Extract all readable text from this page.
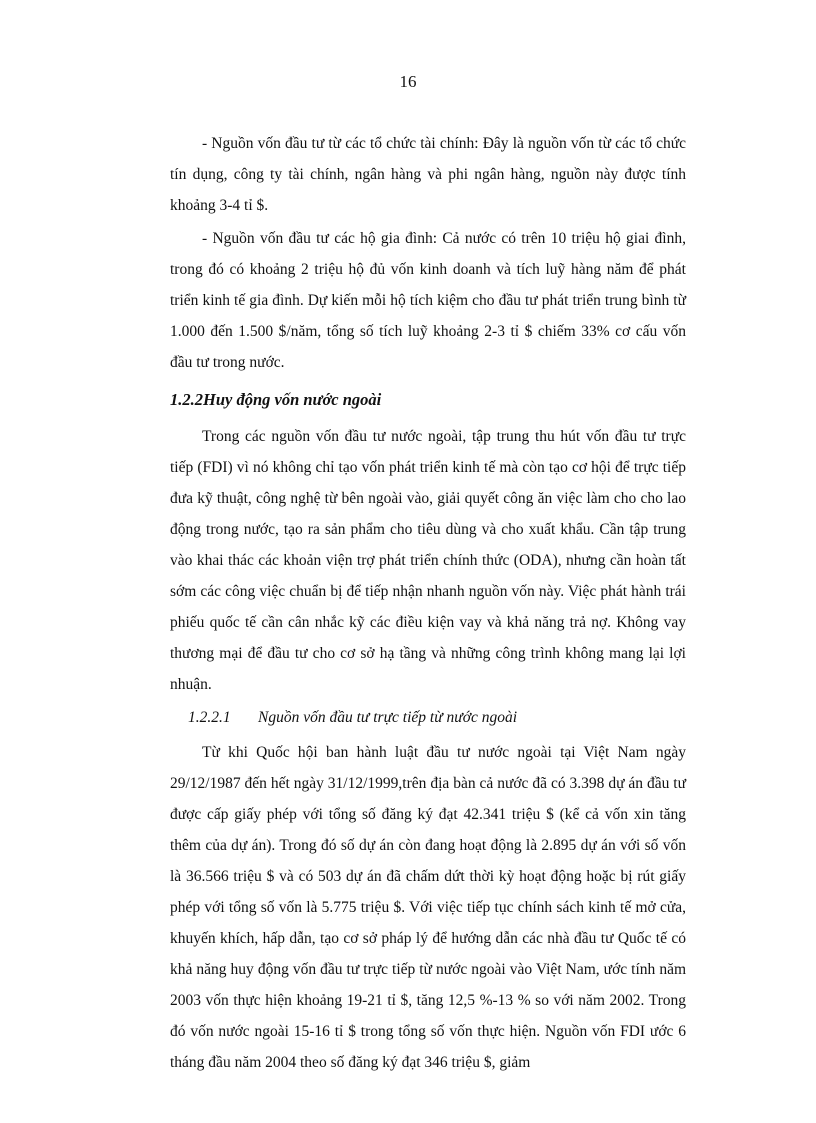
16

- Nguồn vốn đầu tư từ các tổ chức tài chính: Đây là nguồn vốn từ các tổ chức tín dụng, công ty tài chính, ngân hàng và phi ngân hàng, nguồn này được tính khoảng 3-4 tỉ $.

- Nguồn vốn đầu tư các hộ gia đình: Cả nước có trên 10 triệu hộ giai đình, trong đó có khoảng 2 triệu hộ đủ vốn kinh doanh và tích luỹ hàng năm để phát triển kinh tế gia đình. Dự kiến mỗi hộ tích kiệm cho đầu tư phát triển trung bình từ 1.000 đến 1.500 $/năm, tổng số tích luỹ khoảng 2-3 tỉ $ chiếm 33% cơ cấu vốn đầu tư trong nước.

1.2.2Huy động vốn nước ngoài

Trong các nguồn vốn đầu tư nước ngoài, tập trung thu hút vốn đầu tư trực tiếp (FDI) vì nó không chỉ tạo vốn phát triển kinh tế mà còn tạo cơ hội để trực tiếp đưa kỹ thuật, công nghệ từ bên ngoài vào, giải quyết công ăn việc làm cho cho lao động trong nước, tạo ra sản phẩm cho tiêu dùng và cho xuất khẩu. Cần tập trung vào khai thác các khoản viện trợ phát triển chính thức (ODA), nhưng cần hoàn tất sớm các công việc chuẩn bị để tiếp nhận nhanh nguồn vốn này. Việc phát hành trái phiếu quốc tế cần cân nhắc kỹ các điều kiện vay và khả năng trả nợ. Không vay thương mại để đầu tư cho cơ sở hạ tầng và những công trình không mang lại lợi nhuận.

1.2.2.1 Nguồn vốn đầu tư trực tiếp từ nước ngoài

Từ khi Quốc hội ban hành luật đầu tư nước ngoài tại Việt Nam ngày 29/12/1987 đến hết ngày 31/12/1999,trên địa bàn cả nước đã có 3.398 dự án đầu tư được cấp giấy phép với tổng số đăng ký đạt 42.341 triệu $ (kể cả vốn xin tăng thêm của dự án). Trong đó số dự án còn đang hoạt động là 2.895 dự án với số vốn là 36.566 triệu $ và có 503 dự án đã chấm dứt thời kỳ hoạt động hoặc bị rút giấy phép với tổng số vốn là 5.775 triệu $. Với việc tiếp tục chính sách kinh tế mở cửa, khuyến khích, hấp dẫn, tạo cơ sở pháp lý để hướng dẫn các nhà đầu tư Quốc tế có khả năng huy động vốn đầu tư trực tiếp từ nước ngoài vào Việt Nam, ước tính năm 2003 vốn thực hiện khoảng 19-21 tỉ $, tăng 12,5 %-13 % so với năm 2002. Trong đó vốn nước ngoài 15-16 tỉ $ trong tổng số vốn thực hiện. Nguồn vốn FDI ước 6 tháng đầu năm 2004 theo số đăng ký đạt 346 triệu $, giảm
